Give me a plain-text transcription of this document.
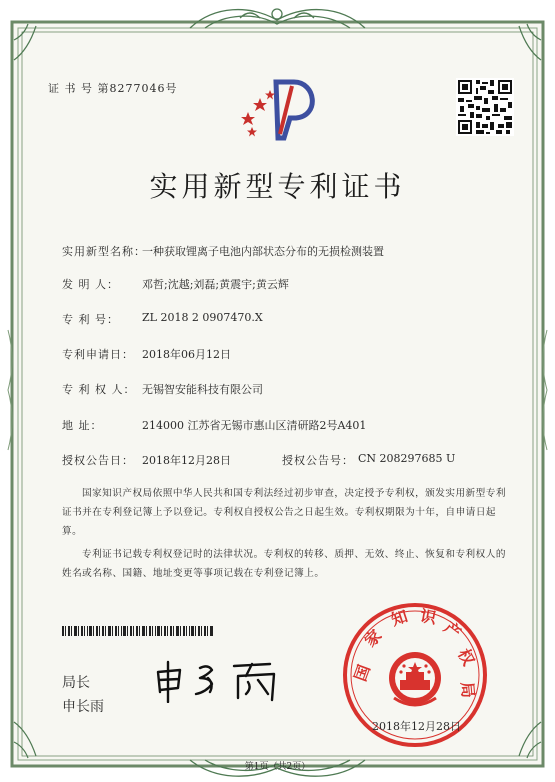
证 书 号 第8277046号
实用新型专利证书
实用新型名称：
一种获取锂离子电池内部状态分布的无损检测装置
发 明 人： 邓哲;沈越;刘磊;黄震宇;黄云辉
专 利 号： ZL 2018 2 0907470.X
专利申请日： 2018年06月12日
专 利 权 人： 无锡智安能科技有限公司
地 址：	214000 江苏省无锡市惠山区清研路2号A401
授权公告日： 2018年12月28日	授权公告号： CN 208297685 U
国家知识产权局依照中华人民共和国专利法经过初步审查，决定授予专利权，颁发实用新型专利证书并在专利登记簿上予以登记。专利权自授权公告之日起生效。专利权期限为十年，自申请日起算。
专利证书记载专利权登记时的法律状况。专利权的转移、质押、无效、终止、恢复和专利权人的姓名或名称、国籍、地址变更等事项记载在专利登记簿上。
局长
申长雨
国
家
知 识
产
权
局
2018年12月28日
第1页（共2页）
